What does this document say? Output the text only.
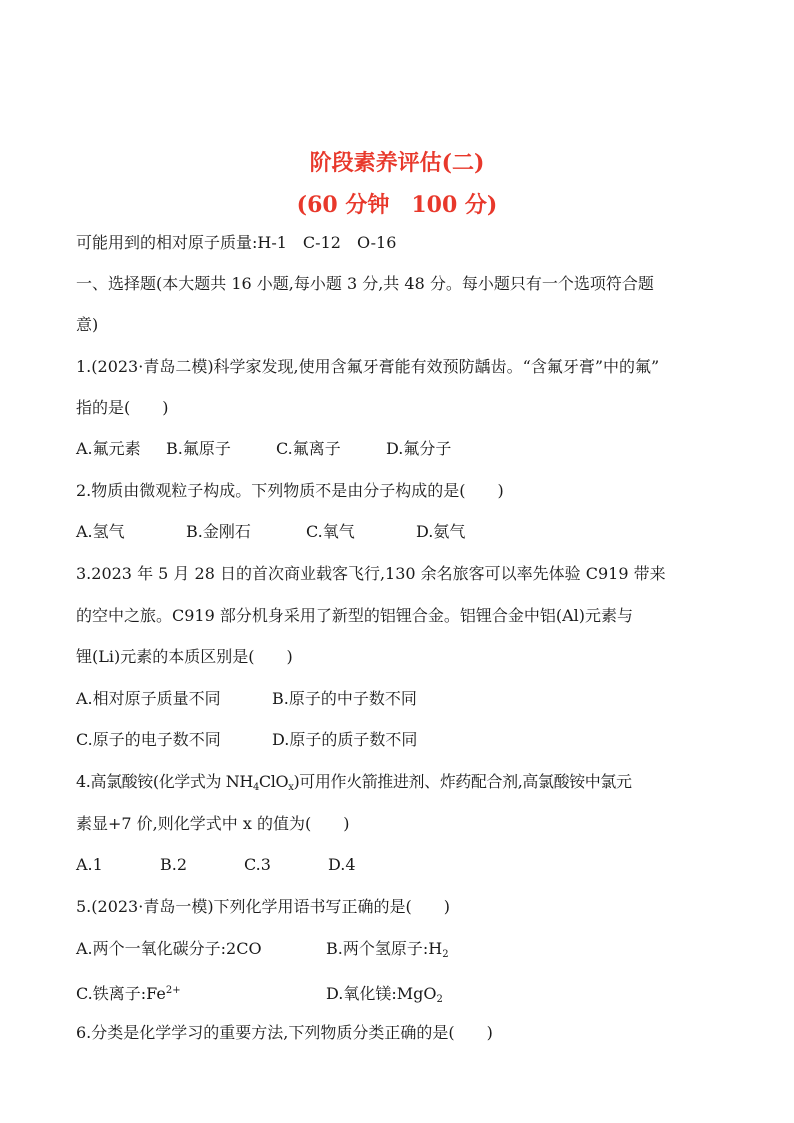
阶段素养评估(二)
(60 分钟　100 分)
可能用到的相对原子质量:H-1　C-12　O-16
一、选择题(本大题共 16 小题,每小题 3 分,共 48 分。每小题只有一个选项符合题
意)
1.(2023·青岛二模)科学家发现,使用含氟牙膏能有效预防龋齿。“含氟牙膏”中的氟”
指的是(　　)
A.氟元素 B.氟原子	C.氟离子	D.氟分子
2.物质由微观粒子构成。下列物质不是由分子构成的是(　　)
A.氢气	B.金刚石	C.氧气	D.氨气
3.2023 年 5 月 28 日的首次商业载客飞行,130 余名旅客可以率先体验 C919 带来
的空中之旅。C919 部分机身采用了新型的铝锂合金。铝锂合金中铝(Al)元素与
锂(Li)元素的本质区别是(　　)
A.相对原子质量不同	B.原子的中子数不同
C.原子的电子数不同	D.原子的质子数不同
4.高氯酸铵(化学式为 $NH_4ClO_x$)可用作火箭推进剂、炸药配合剂,高氯酸铵中氯元
素显+7 价,则化学式中 x 的值为(　　)
A.1	B.2	C.3	D.4
5.(2023·青岛一模)下列化学用语书写正确的是(　　)
A.两个一氧化碳分子:2CO	B.两个氢原子$:H_2$
C.铁离子$:Fe^{2+}$	D.氧化镁:MgO$_2$
6.分类是化学学习的重要方法,下列物质分类正确的是(　　)
